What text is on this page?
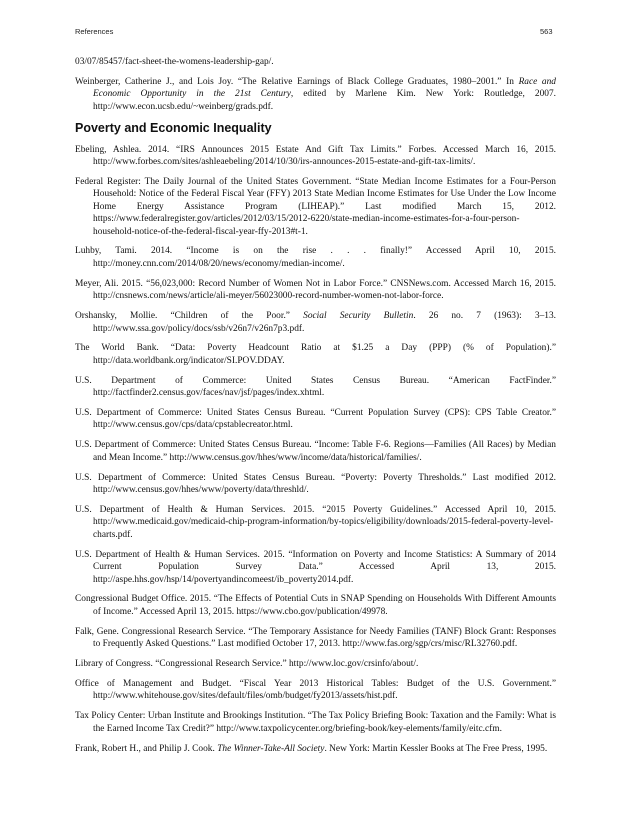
References	563

03/07/85457/fact-sheet-the-womens-leadership-gap/.

Weinberger, Catherine J., and Lois Joy. “The Relative Earnings of Black College Graduates, 1980–2001.” In Race and Economic Opportunity in the 21st Century, edited by Marlene Kim. New York: Routledge, 2007. http://www.econ.ucsb.edu/~weinberg/grads.pdf.

Poverty and Economic Inequality

Ebeling, Ashlea. 2014. “IRS Announces 2015 Estate And Gift Tax Limits.” Forbes. Accessed March 16, 2015. http://www.forbes.com/sites/ashleaebeling/2014/10/30/irs-announces-2015-estate-and-gift-tax-limits/.

Federal Register: The Daily Journal of the United States Government. “State Median Income Estimates for a Four-Person Household: Notice of the Federal Fiscal Year (FFY) 2013 State Median Income Estimates for Use Under the Low Income Home Energy Assistance Program (LIHEAP).” Last modified March 15, 2012. https://www.federalregister.gov/articles/2012/03/15/2012-6220/state-median-income-estimates-for-a-four-person-household-notice-of-the-federal-fiscal-year-ffy-2013#t-1.

Luhby, Tami. 2014. “Income is on the rise . . . finally!” Accessed April 10, 2015. http://money.cnn.com/2014/08/20/news/economy/median-income/.

Meyer, Ali. 2015. “56,023,000: Record Number of Women Not in Labor Force.” CNSNews.com. Accessed March 16, 2015. http://cnsnews.com/news/article/ali-meyer/56023000-record-number-women-not-labor-force.

Orshansky, Mollie. “Children of the Poor.” Social Security Bulletin. 26 no. 7 (1963): 3–13. http://www.ssa.gov/policy/docs/ssb/v26n7/v26n7p3.pdf.

The World Bank. “Data: Poverty Headcount Ratio at $1.25 a Day (PPP) (% of Population).” http://data.worldbank.org/indicator/SI.POV.DDAY.

U.S. Department of Commerce: United States Census Bureau. “American FactFinder.” http://factfinder2.census.gov/faces/nav/jsf/pages/index.xhtml.

U.S. Department of Commerce: United States Census Bureau. “Current Population Survey (CPS): CPS Table Creator.” http://www.census.gov/cps/data/cpstablecreator.html.

U.S. Department of Commerce: United States Census Bureau. “Income: Table F-6. Regions—Families (All Races) by Median and Mean Income.” http://www.census.gov/hhes/www/income/data/historical/families/.

U.S. Department of Commerce: United States Census Bureau. “Poverty: Poverty Thresholds.” Last modified 2012. http://www.census.gov/hhes/www/poverty/data/threshld/.

U.S. Department of Health & Human Services. 2015. “2015 Poverty Guidelines.” Accessed April 10, 2015. http://www.medicaid.gov/medicaid-chip-program-information/by-topics/eligibility/downloads/2015-federal-poverty-level-charts.pdf.

U.S. Department of Health & Human Services. 2015. “Information on Poverty and Income Statistics: A Summary of 2014 Current Population Survey Data.” Accessed April 13, 2015. http://aspe.hhs.gov/hsp/14/povertyandincomeest/ib_poverty2014.pdf.

Congressional Budget Office. 2015. “The Effects of Potential Cuts in SNAP Spending on Households With Different Amounts of Income.” Accessed April 13, 2015. https://www.cbo.gov/publication/49978.

Falk, Gene. Congressional Research Service. “The Temporary Assistance for Needy Families (TANF) Block Grant: Responses to Frequently Asked Questions.” Last modified October 17, 2013. http://www.fas.org/sgp/crs/misc/RL32760.pdf.

Library of Congress. “Congressional Research Service.” http://www.loc.gov/crsinfo/about/.

Office of Management and Budget. “Fiscal Year 2013 Historical Tables: Budget of the U.S. Government.” http://www.whitehouse.gov/sites/default/files/omb/budget/fy2013/assets/hist.pdf.

Tax Policy Center: Urban Institute and Brookings Institution. “The Tax Policy Briefing Book: Taxation and the Family: What is the Earned Income Tax Credit?” http://www.taxpolicycenter.org/briefing-book/key-elements/family/eitc.cfm.

Frank, Robert H., and Philip J. Cook. The Winner-Take-All Society. New York: Martin Kessler Books at The Free Press, 1995.
